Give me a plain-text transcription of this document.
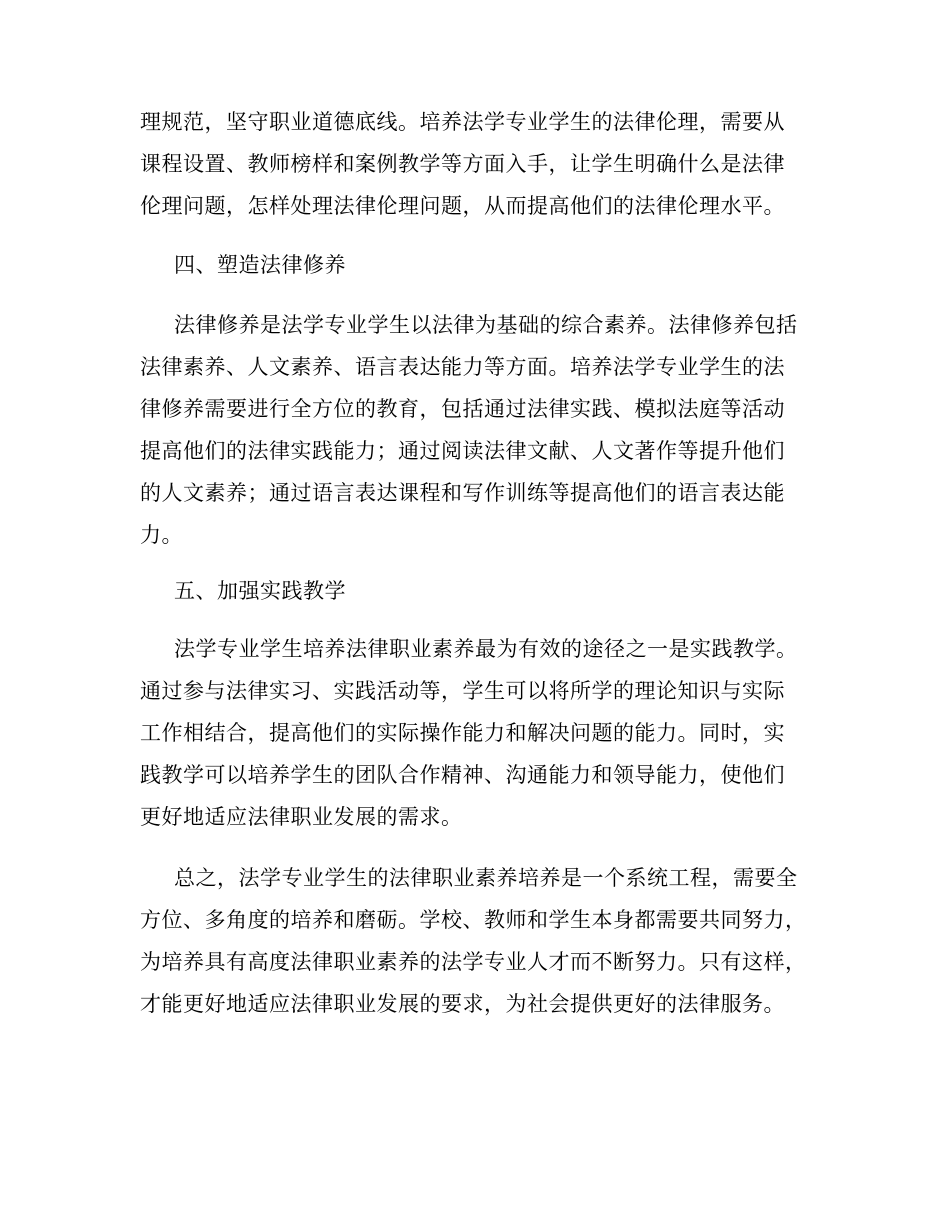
理规范，坚守职业道德底线。培养法学专业学生的法律伦理，需要从
课程设置、教师榜样和案例教学等方面入手，让学生明确什么是法律
伦理问题，怎样处理法律伦理问题，从而提高他们的法律伦理水平。
四、塑造法律修养
法律修养是法学专业学生以法律为基础的综合素养。法律修养包括
法律素养、人文素养、语言表达能力等方面。培养法学专业学生的法
律修养需要进行全方位的教育，包括通过法律实践、模拟法庭等活动
提高他们的法律实践能力；通过阅读法律文献、人文著作等提升他们
的人文素养；通过语言表达课程和写作训练等提高他们的语言表达能
力。
五、加强实践教学
法学专业学生培养法律职业素养最为有效的途径之一是实践教学。
通过参与法律实习、实践活动等，学生可以将所学的理论知识与实际
工作相结合，提高他们的实际操作能力和解决问题的能力。同时，实
践教学可以培养学生的团队合作精神、沟通能力和领导能力，使他们
更好地适应法律职业发展的需求。
总之，法学专业学生的法律职业素养培养是一个系统工程，需要全
方位、多角度的培养和磨砺。学校、教师和学生本身都需要共同努力，
为培养具有高度法律职业素养的法学专业人才而不断努力。只有这样，
才能更好地适应法律职业发展的要求，为社会提供更好的法律服务。
